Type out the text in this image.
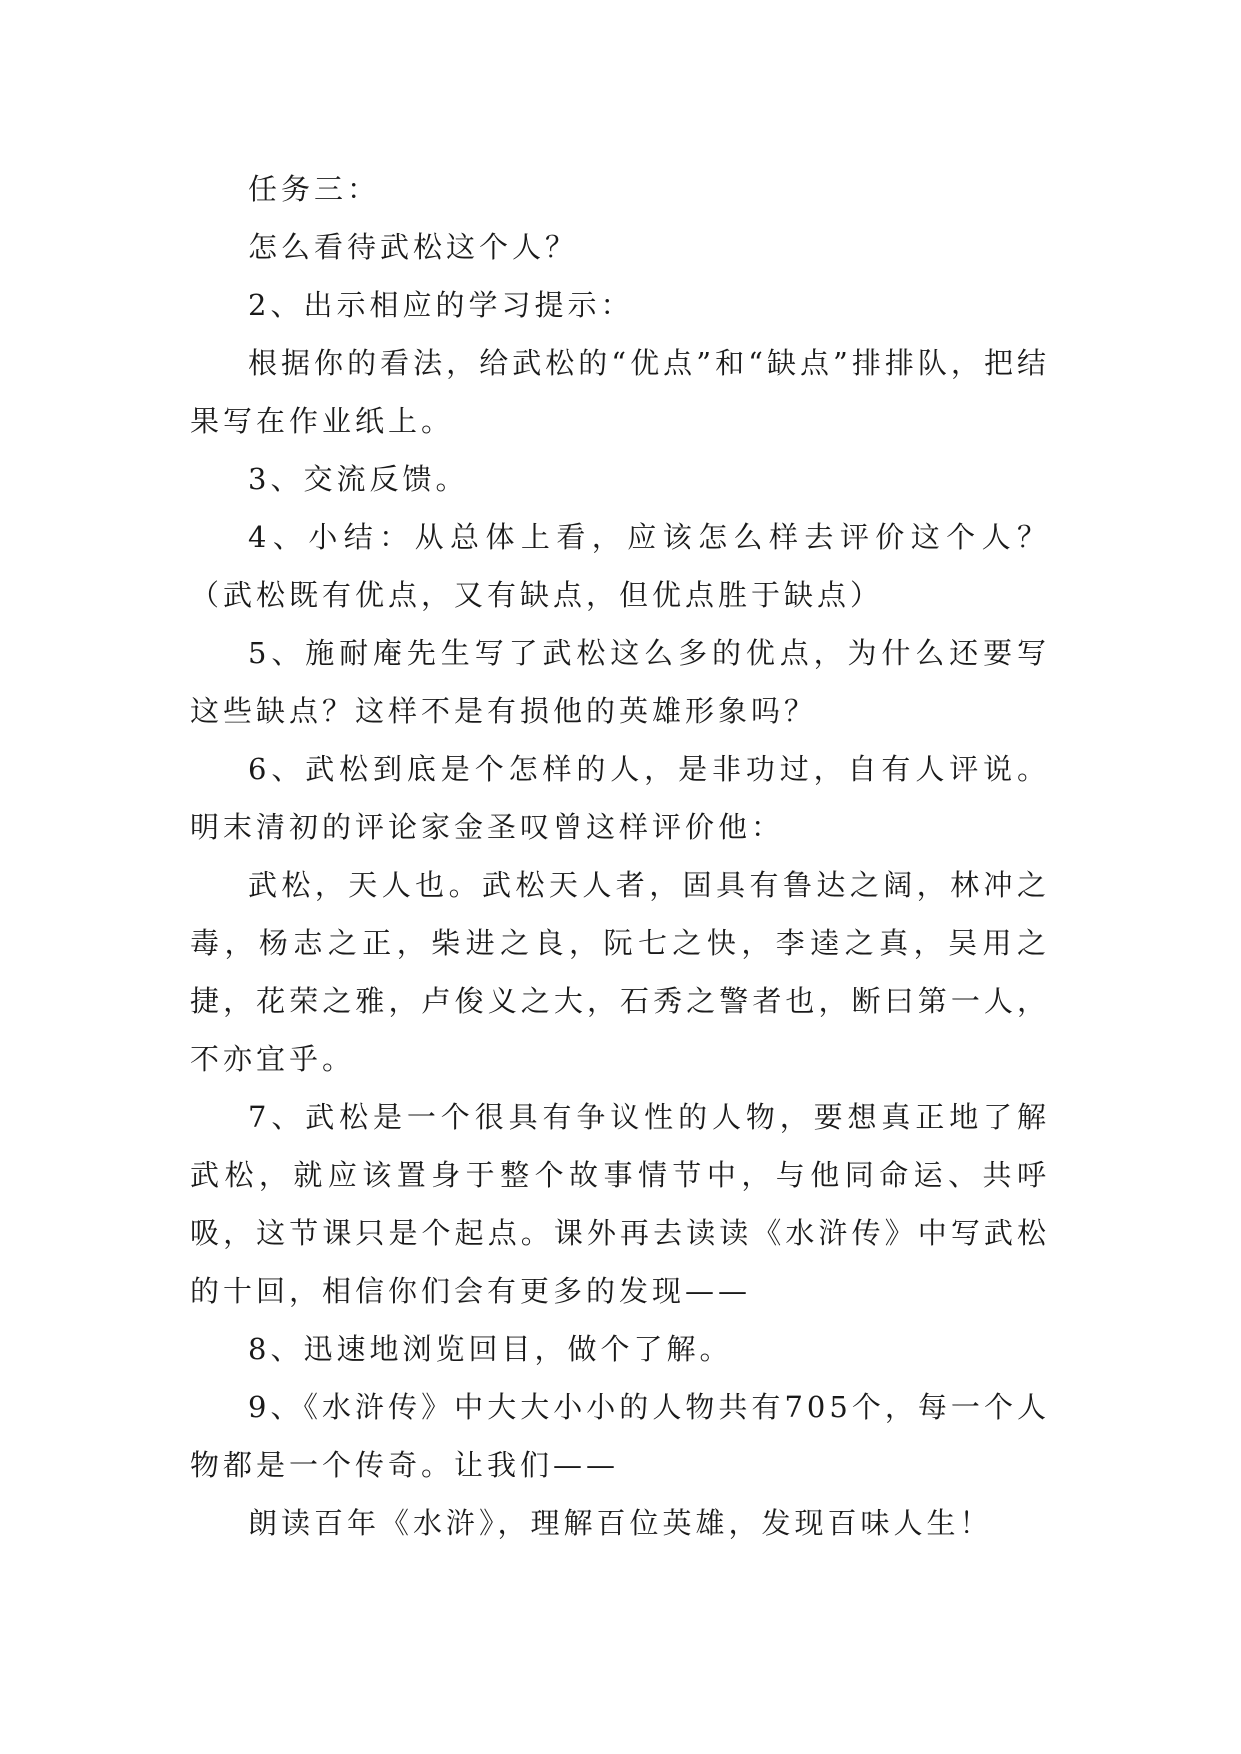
任务三：

怎么看待武松这个人？

2、出示相应的学习提示：

根据你的看法，给武松的“优点”和“缺点”排排队，把结果写在作业纸上。

3、交流反馈。

4、小结：从总体上看，应该怎么样去评价这个人？（武松既有优点，又有缺点，但优点胜于缺点）

5、施耐庵先生写了武松这么多的优点，为什么还要写这些缺点？这样不是有损他的英雄形象吗？

6、武松到底是个怎样的人，是非功过，自有人评说。明末清初的评论家金圣叹曾这样评价他：

武松，天人也。武松天人者，固具有鲁达之阔，林冲之毒，杨志之正，柴进之良，阮七之快，李逵之真，吴用之捷，花荣之雅，卢俊义之大，石秀之警者也，断曰第一人，不亦宜乎。

7、武松是一个很具有争议性的人物，要想真正地了解武松，就应该置身于整个故事情节中，与他同命运、共呼吸，这节课只是个起点。课外再去读读《水浒传》中写武松的十回，相信你们会有更多的发现——

8、迅速地浏览回目，做个了解。

9、《水浒传》中大大小小的人物共有705个，每一个人物都是一个传奇。让我们——

朗读百年《水浒》，理解百位英雄，发现百味人生！
